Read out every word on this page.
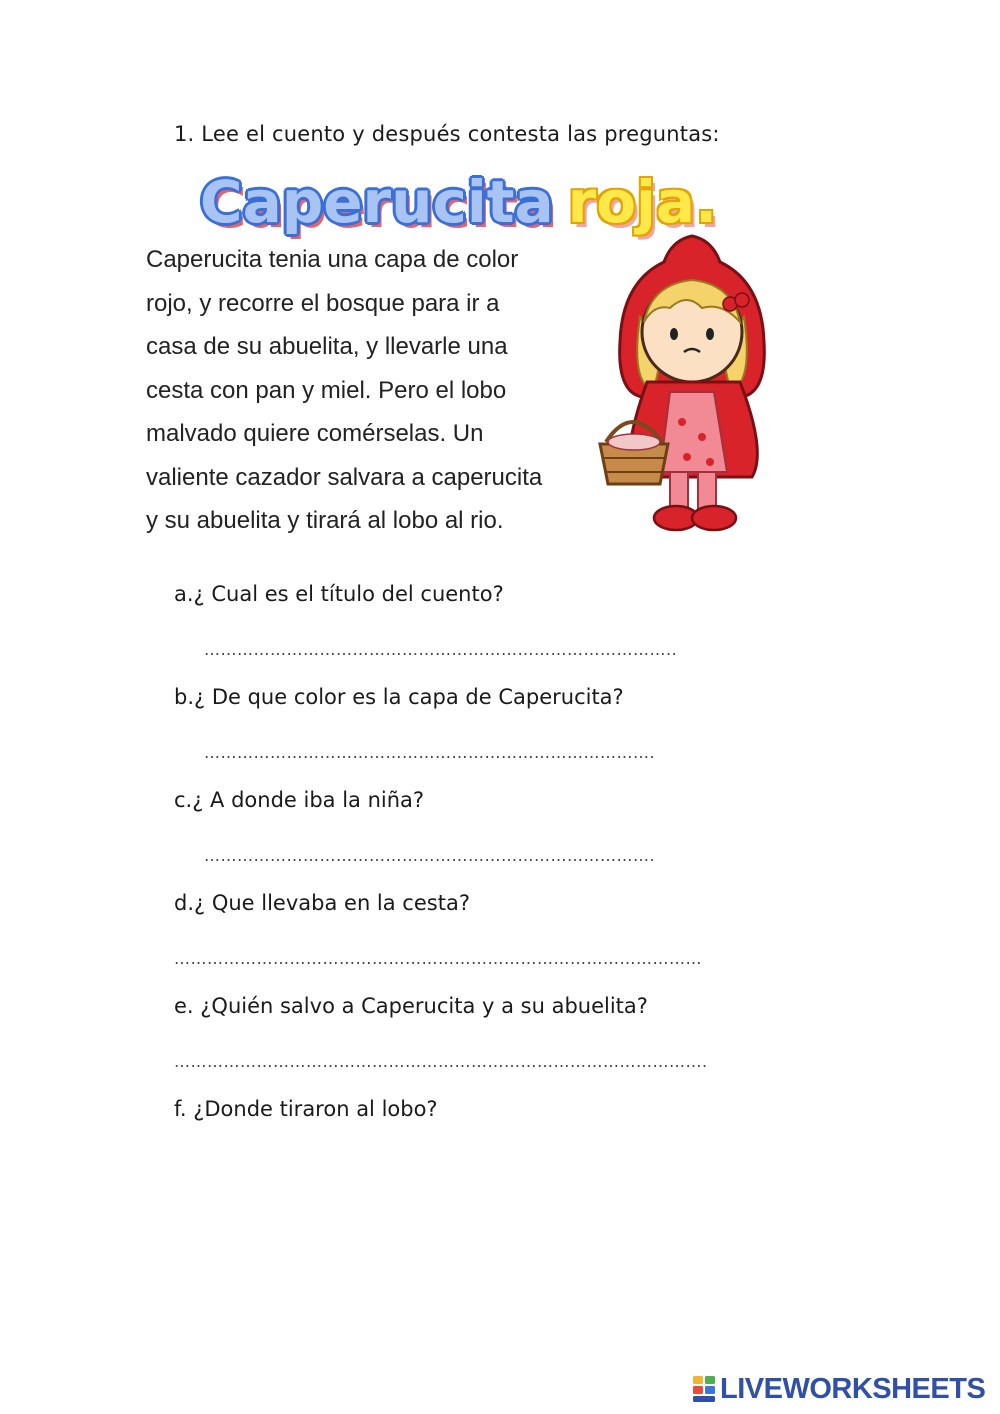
1. Lee el cuento y después contesta las preguntas:
Caperucita roja.
Caperucita tenia una capa de color
rojo, y recorre el bosque para ir a
casa de su abuelita, y llevarle una
cesta con pan y miel. Pero el lobo
malvado quiere comérselas. Un
valiente cazador salvara a caperucita
y su abuelita y tirará al lobo al rio.
a.¿ Cual es el título del cuento?
…………………………………………………………………………..
b.¿ De que color es la capa de Caperucita?
……………………………………………………………………….
c.¿ A donde iba la niña?
……………………………………………………………………….
d.¿ Que llevaba en la cesta?
……………………………………………………………………………………
e. ¿Quién salvo a Caperucita y a su abuelita?
…………………………………………………………………………………….
f. ¿Donde tiraron al lobo?
LIVEWORKSHEETS
